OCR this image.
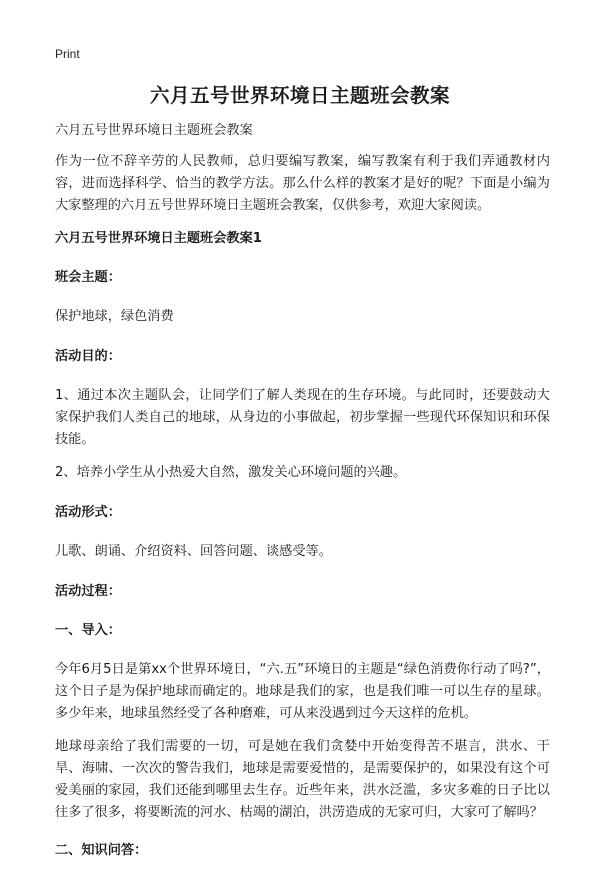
Print
六月五号世界环境日主题班会教案

六月五号世界环境日主题班会教案

作为一位不辞辛劳的人民教师，总归要编写教案，编写教案有利于我们弄通教材内容，进而选择科学、恰当的教学方法。那么什么样的教案才是好的呢？下面是小编为大家整理的六月五号世界环境日主题班会教案，仅供参考，欢迎大家阅读。

六月五号世界环境日主题班会教案1

班会主题：

保护地球，绿色消费

活动目的：

1、通过本次主题队会，让同学们了解人类现在的生存环境。与此同时，还要鼓动大家保护我们人类自己的地球，从身边的小事做起，初步掌握一些现代环保知识和环保技能。

2、培养小学生从小热爱大自然，激发关心环境问题的兴趣。

活动形式：

儿歌、朗诵、介绍资料、回答问题、谈感受等。

活动过程：

一、导入：

今年6月5日是第xx个世界环境日，“六.五”环境日的主题是“绿色消费你行动了吗?”，这个日子是为保护地球而确定的。地球是我们的家，也是我们唯一可以生存的星球。多少年来，地球虽然经受了各种磨难，可从来没遇到过今天这样的危机。

地球母亲给了我们需要的一切，可是她在我们贪婪中开始变得苦不堪言，洪水、干旱、海啸、一次次的警告我们，地球是需要爱惜的，是需要保护的，如果没有这个可爱美丽的家园，我们还能到哪里去生存。近些年来，洪水泛滥，多灾多难的日子比以往多了很多，将要断流的河水、枯竭的湖泊，洪涝造成的无家可归，大家可了解吗？

二、知识问答：
